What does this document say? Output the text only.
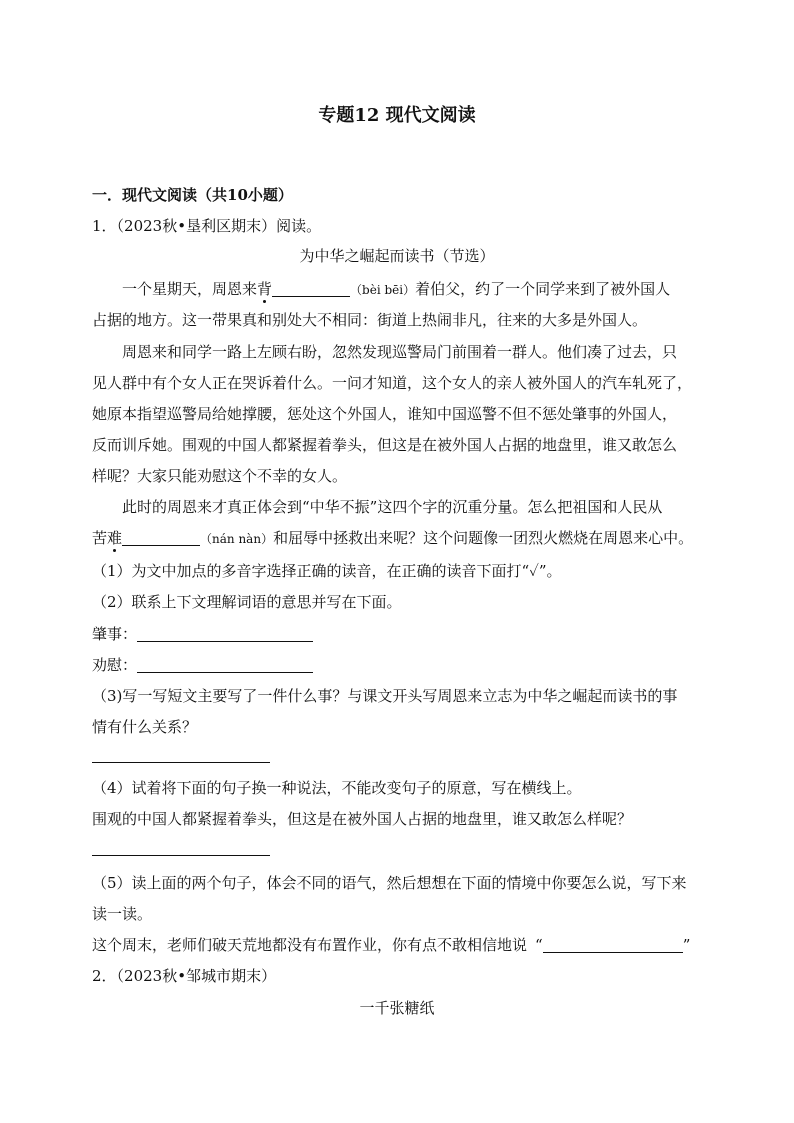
专题12 现代文阅读
一．现代文阅读（共10小题）
1．（2023秋•垦利区期末）阅读。
为中华之崛起而读书（节选）
一个星期天，周恩来背	（bèi bēi）着伯父，约了一个同学来到了被外国人
占据的地方。这一带果真和别处大不相同：街道上热闹非凡，往来的大多是外国人。
周恩来和同学一路上左顾右盼，忽然发现巡警局门前围着一群人。他们凑了过去，只
见人群中有个女人正在哭诉着什么。一问才知道，这个女人的亲人被外国人的汽车轧死了，
她原本指望巡警局给她撑腰，惩处这个外国人，谁知中国巡警不但不惩处肇事的外国人，
反而训斥她。围观的中国人都紧握着拳头，但这是在被外国人占据的地盘里，谁又敢怎么
样呢？大家只能劝慰这个不幸的女人。
此时的周恩来才真正体会到“中华不振”这四个字的沉重分量。怎么把祖国和人民从
苦难	（nán nàn）和屈辱中拯救出来呢？这个问题像一团烈火燃烧在周恩来心中。
（1）为文中加点的多音字选择正确的读音，在正确的读音下面打“✓”。
（2）联系上下文理解词语的意思并写在下面。
肇事：
劝慰：
（3)写一写短文主要写了一件什么事？与课文开头写周恩来立志为中华之崛起而读书的事
情有什么关系？
（4）试着将下面的句子换一种说法，不能改变句子的原意，写在横线上。
围观的中国人都紧握着拳头，但这是在被外国人占据的地盘里，谁又敢怎么样呢？
（5）读上面的两个句子，体会不同的语气，然后想想在下面的情境中你要怎么说，写下来
读一读。
这个周末，老师们破天荒地都没有布置作业，你有点不敢相信地说 “	”
2．（2023秋•邹城市期末）
一千张糖纸
